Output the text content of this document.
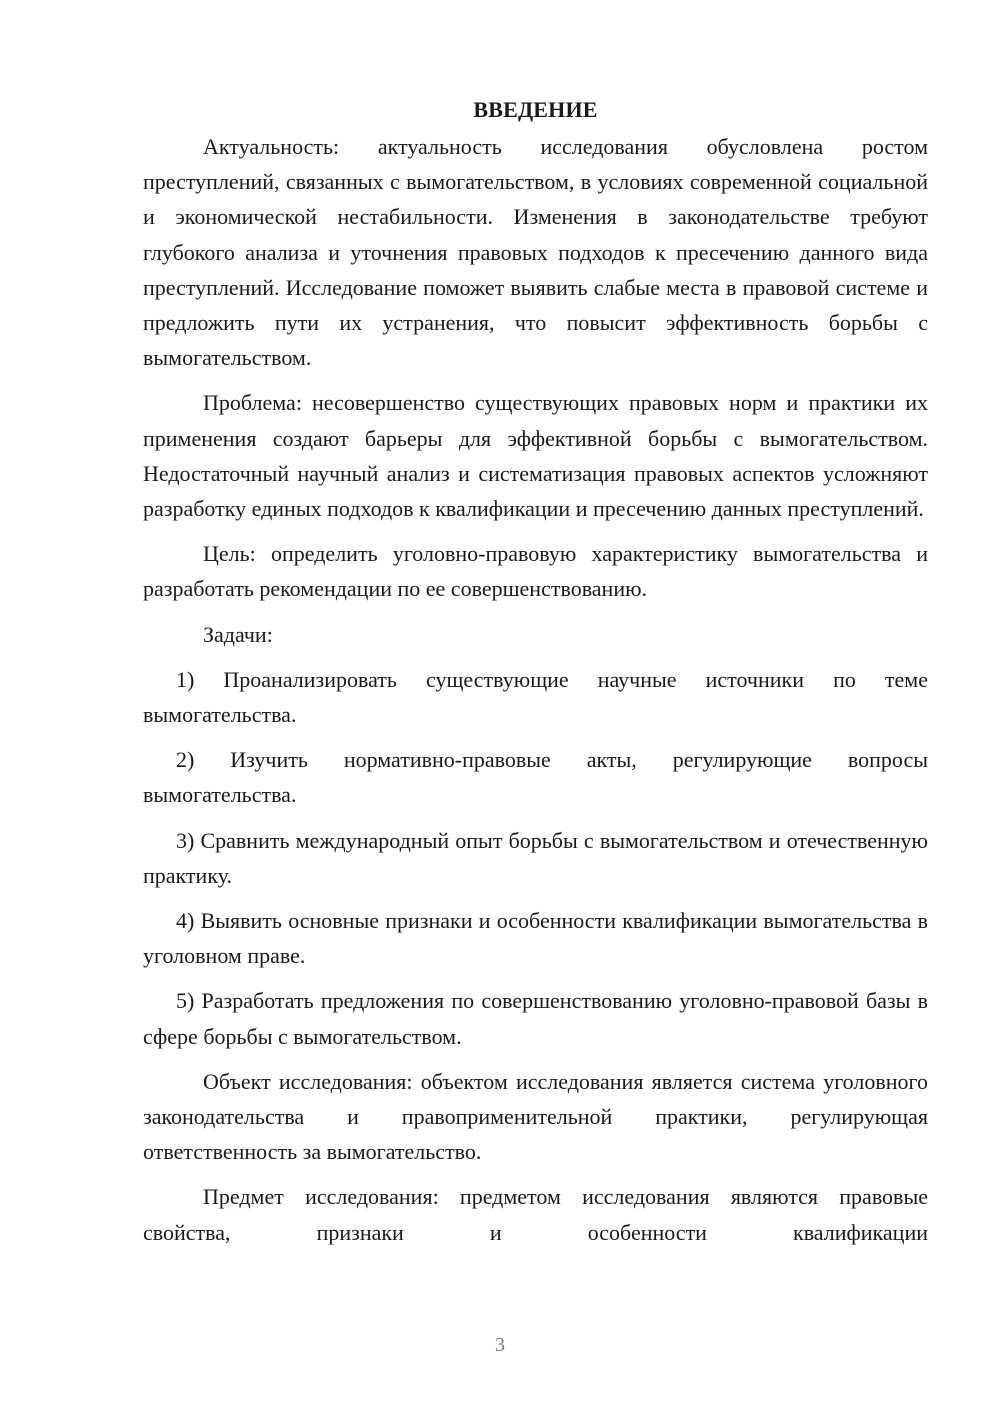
ВВЕДЕНИЕ

Актуальность: актуальность исследования обусловлена ростом преступлений, связанных с вымогательством, в условиях современной социальной и экономической нестабильности. Изменения в законодательстве требуют глубокого анализа и уточнения правовых подходов к пресечению данного вида преступлений. Исследование поможет выявить слабые места в правовой системе и предложить пути их устранения, что повысит эффективность борьбы с вымогательством.

Проблема: несовершенство существующих правовых норм и практики их применения создают барьеры для эффективной борьбы с вымогательством. Недостаточный научный анализ и систематизация правовых аспектов усложняют разработку единых подходов к квалификации и пресечению данных преступлений.

Цель: определить уголовно-правовую характеристику вымогательства и разработать рекомендации по ее совершенствованию.

Задачи:

1) Проанализировать существующие научные источники по теме вымогательства.

2) Изучить нормативно-правовые акты, регулирующие вопросы вымогательства.

3) Сравнить международный опыт борьбы с вымогательством и отечественную практику.

4) Выявить основные признаки и особенности квалификации вымогательства в уголовном праве.

5) Разработать предложения по совершенствованию уголовно-правовой базы в сфере борьбы с вымогательством.

Объект исследования: объектом исследования является система уголовного законодательства и правоприменительной практики, регулирующая ответственность за вымогательство.

Предмет исследования: предметом исследования являются правовые свойства, признаки и особенности квалификации

3
